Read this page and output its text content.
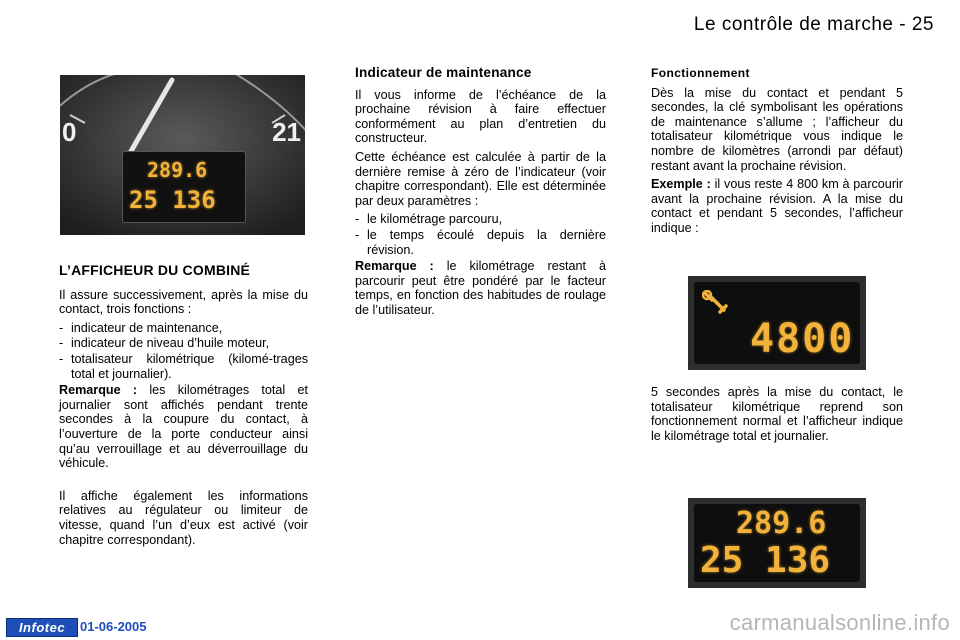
Le contrôle de marche - 25
0	21
289.6
25 136
L’AFFICHEUR DU COMBINÉ

Il assure successivement, après la mise du contact, trois fonctions :

- indicateur de maintenance,
- indicateur de niveau d’huile moteur,
- totalisateur kilométrique (kilomé-trages total et journalier).

Remarque : les kilométrages total et journalier sont affichés pendant trente secondes à la coupure du contact, à l’ouverture de la porte conducteur ainsi qu’au verrouillage et au déverrouillage du véhicule.

Il affiche également les informations relatives au régulateur ou limiteur de vitesse, quand l’un d’eux est activé (voir chapitre correspondant).

Indicateur de maintenance

Il vous informe de l’échéance de la prochaine révision à faire effectuer conformément au plan d’entretien du constructeur.

Cette échéance est calculée à partir de la dernière remise à zéro de l’indicateur (voir chapitre correspondant). Elle est déterminée par deux paramètres :

- le kilométrage parcouru,
- le temps écoulé depuis la dernière révision.

Remarque : le kilométrage restant à parcourir peut être pondéré par le facteur temps, en fonction des habitudes de roulage de l’utilisateur.

Fonctionnement

Dès la mise du contact et pendant 5 secondes, la clé symbolisant les opérations de maintenance s’allume ; l’afficheur du totalisateur kilométrique vous indique le nombre de kilomètres (arrondi par défaut) restant avant la prochaine révision.

Exemple : il vous reste 4 800 km à parcourir avant la prochaine révision. A la mise du contact et pendant 5 secondes, l’afficheur indique :

5 secondes après la mise du contact, le totalisateur kilométrique reprend son fonctionnement normal et l’afficheur indique le kilométrage total et journalier.

4800
289.6
25 136
Infotec	01-06-2005	carmanualsonline.info
